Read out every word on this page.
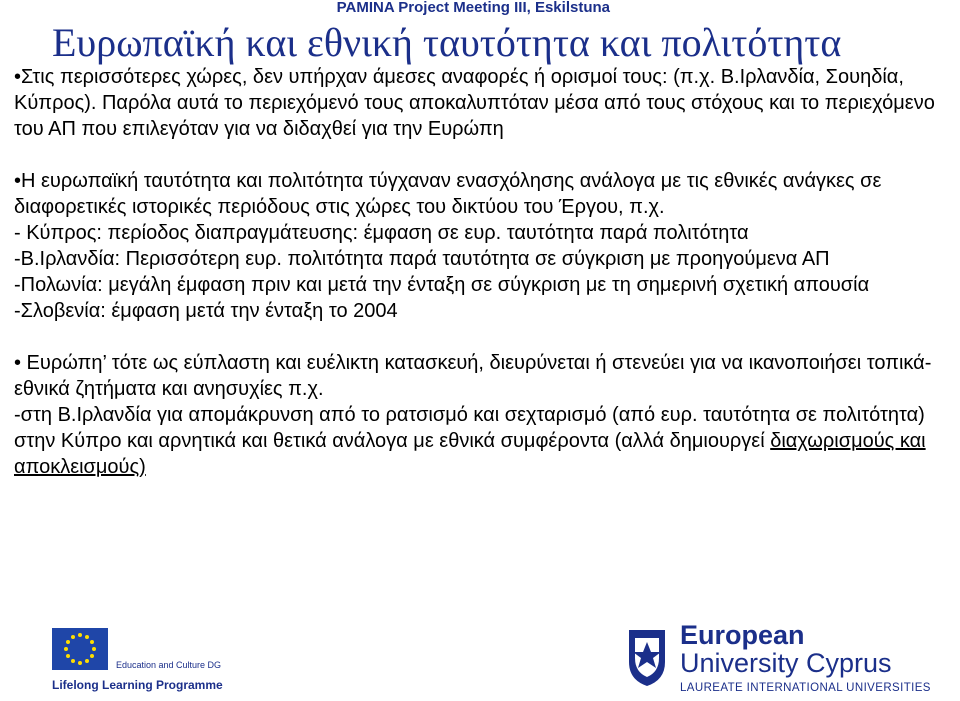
PAMINA Project Meeting III, Eskilstuna
Ευρωπαϊκή και εθνική ταυτότητα και πολιτότητα

•Στις περισσότερες χώρες, δεν υπήρχαν άμεσες αναφορές ή ορισμοί τους: (π.χ. Β.Ιρλανδία, Σουηδία, Κύπρος). Παρόλα αυτά το περιεχόμενό τους αποκαλυπτόταν μέσα από τους στόχους και το περιεχόμενο του ΑΠ που επιλεγόταν για να διδαχθεί για την Ευρώπη

•Η ευρωπαϊκή ταυτότητα και πολιτότητα τύγχαναν ενασχόλησης ανάλογα με τις εθνικές ανάγκες σε διαφορετικές ιστορικές περιόδους στις χώρες του δικτύου του Έργου, π.χ.

- Κύπρος: περίοδος διαπραγμάτευσης: έμφαση σε ευρ. ταυτότητα παρά πολιτότητα

-Β.Ιρλανδία: Περισσότερη ευρ. πολιτότητα παρά ταυτότητα σε σύγκριση με προηγούμενα ΑΠ

-Πολωνία: μεγάλη έμφαση πριν και μετά την ένταξη σε σύγκριση με τη σημερινή σχετική απουσία

-Σλοβενία: έμφαση μετά την ένταξη το 2004

• Ευρώπη’ τότε ως εύπλαστη και ευέλικτη κατασκευή, διευρύνεται ή στενεύει για να ικανοποιήσει τοπικά-εθνικά ζητήματα και ανησυχίες π.χ.

-στη Β.Ιρλανδία για απομάκρυνση από το ρατσισμό και σεχταρισμό (από ευρ. ταυτότητα σε πολιτότητα)

στην Κύπρο και αρνητικά και θετικά ανάλογα με εθνικά συμφέροντα (αλλά δημιουργεί διαχωρισμούς και αποκλεισμούς)

Education and Culture DG
Lifelong Learning Programme
European
University Cyprus
LAUREATE INTERNATIONAL UNIVERSITIES
